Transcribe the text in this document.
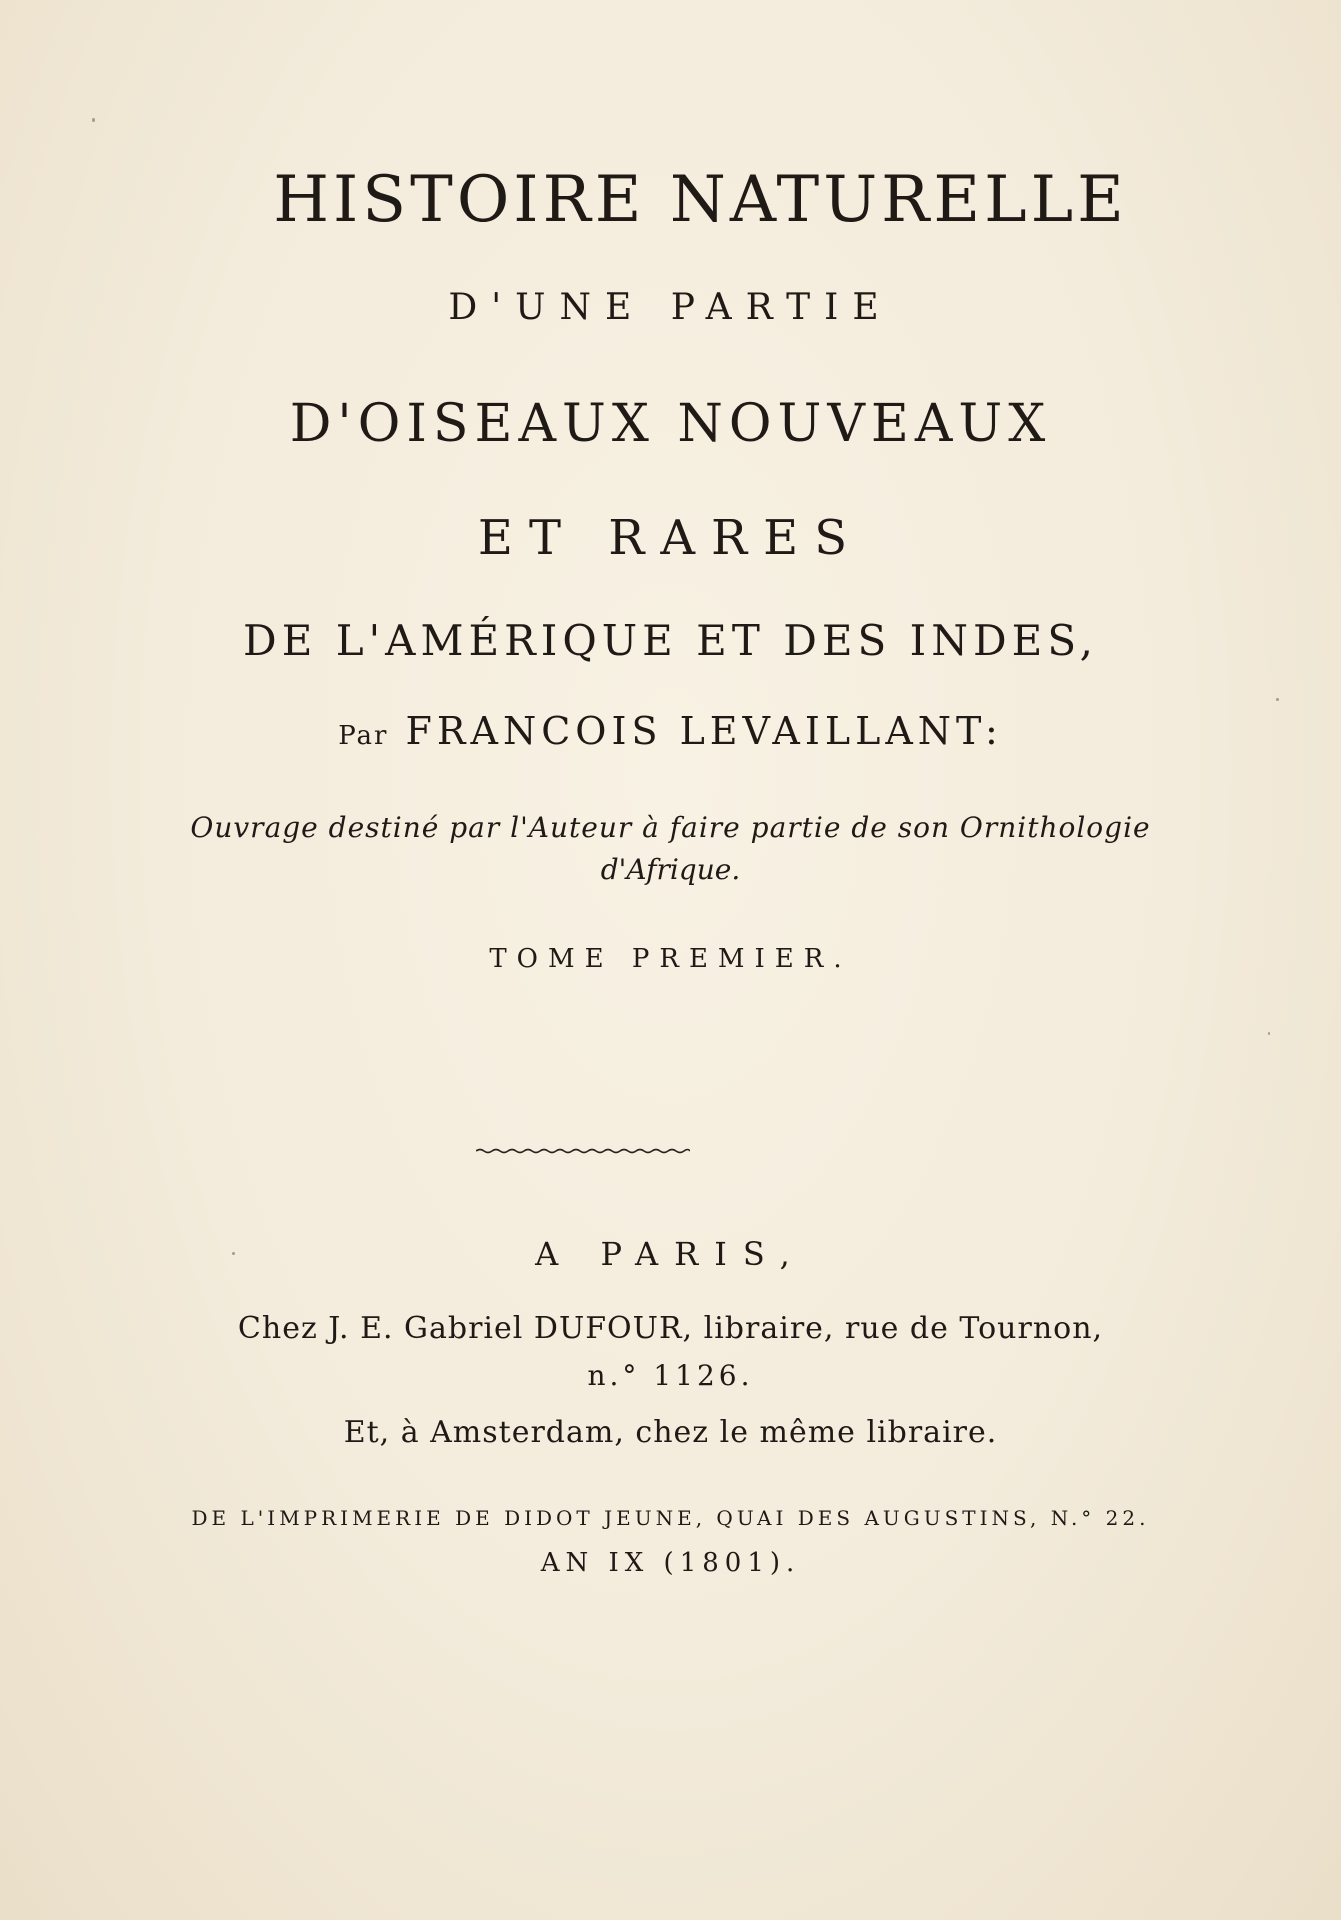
HISTOIRE NATURELLE
D'UNE PARTIE
D'OISEAUX NOUVEAUX
ET RARES
DE L'AMÉRIQUE ET DES INDES,
Par FRANCOIS LEVAILLANT:
Ouvrage destiné par l'Auteur à faire partie de son Ornithologie
d'Afrique.
TOME PREMIER.
A PARIS,
Chez J. E. Gabriel DUFOUR, libraire, rue de Tournon,
n.° 1126.
Et, à Amsterdam, chez le même libraire.
DE L'IMPRIMERIE DE DIDOT JEUNE, QUAI DES AUGUSTINS, N.° 22.
AN IX (1801).
